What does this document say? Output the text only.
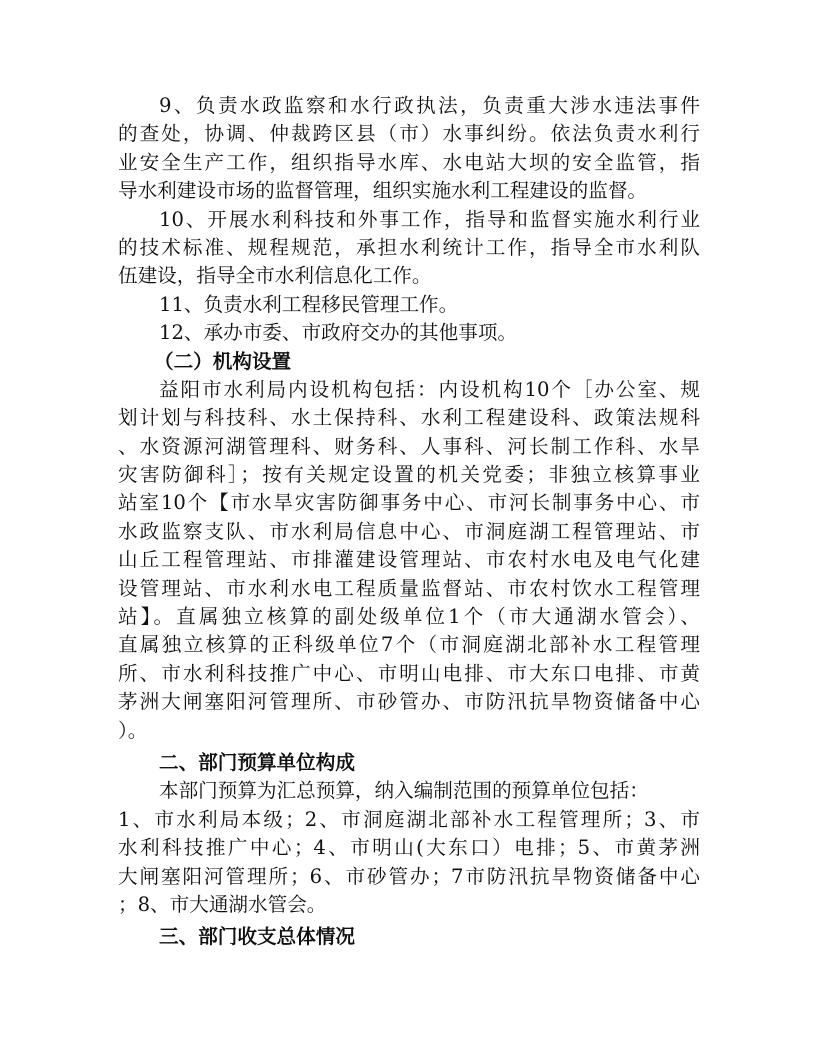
9、负责水政监察和水行政执法，负责重大涉水违法事件
的查处，协调、仲裁跨区县（市）水事纠纷。依法负责水利行
业安全生产工作，组织指导水库、水电站大坝的安全监管，指
导水利建设市场的监督管理，组织实施水利工程建设的监督。
10、开展水利科技和外事工作，指导和监督实施水利行业
的技术标准、规程规范，承担水利统计工作，指导全市水利队
伍建设，指导全市水利信息化工作。
11、负责水利工程移民管理工作。
12、承办市委、市政府交办的其他事项。
（二）机构设置
益阳市水利局内设机构包括：内设机构10个［办公室、规
划计划与科技科、水土保持科、水利工程建设科、政策法规科
、水资源河湖管理科、财务科、人事科、河长制工作科、水旱
灾害防御科］；按有关规定设置的机关党委；非独立核算事业
站室10个【市水旱灾害防御事务中心、市河长制事务中心、市
水政监察支队、市水利局信息中心、市洞庭湖工程管理站、市
山丘工程管理站、市排灌建设管理站、市农村水电及电气化建
设管理站、市水利水电工程质量监督站、市农村饮水工程管理
站】。直属独立核算的副处级单位1个（市大通湖水管会）、
直属独立核算的正科级单位7个（市洞庭湖北部补水工程管理
所、市水利科技推广中心、市明山电排、市大东口电排、市黄
茅洲大闸塞阳河管理所、市砂管办、市防汛抗旱物资储备中心
）。
二、部门预算单位构成
本部门预算为汇总预算，纳入编制范围的预算单位包括：
1、市水利局本级；2、市洞庭湖北部补水工程管理所；3、市
水利科技推广中心；4、市明山(大东口）电排；5、市黄茅洲
大闸塞阳河管理所；6、市砂管办；7市防汛抗旱物资储备中心
；8、市大通湖水管会。
三、部门收支总体情况
